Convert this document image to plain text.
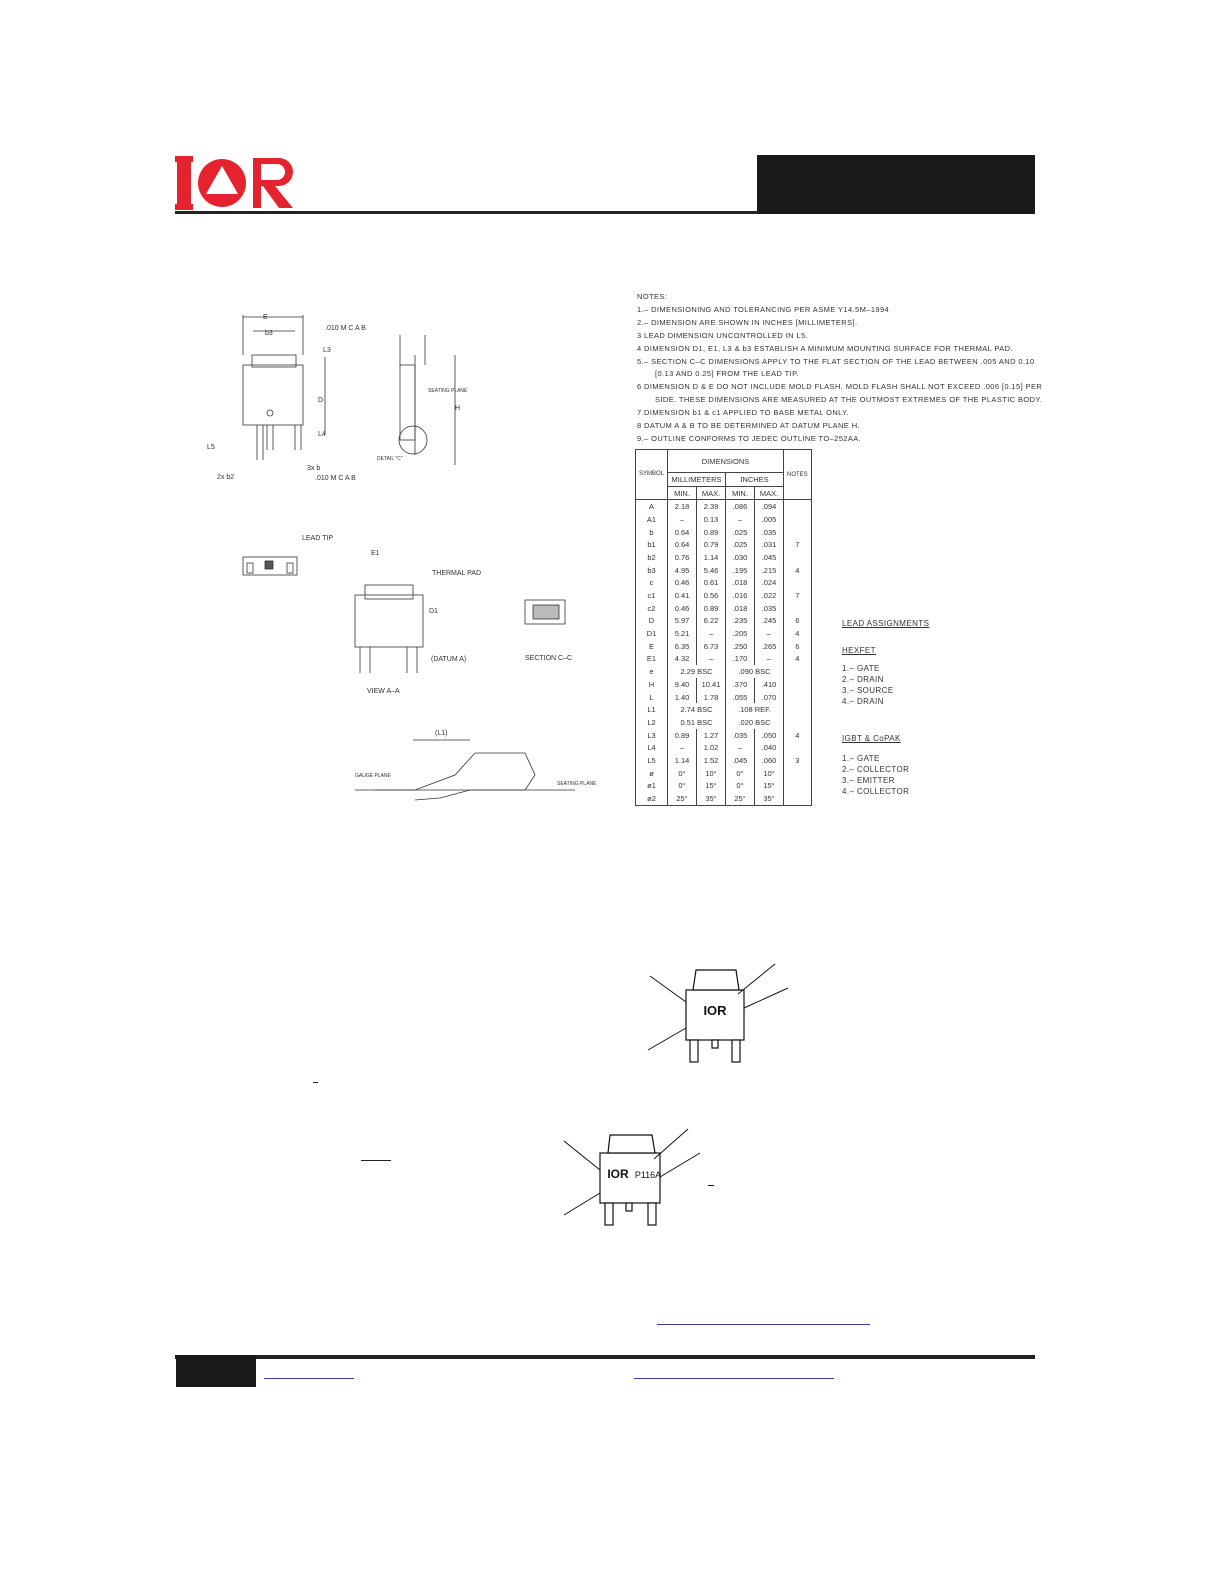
E
b3
L3
D
L4
L5
3x b
2x b2
H
.010 M C A B
.010 M C A B
SEATING PLANE
DETAIL "C"
LEAD TIP
THERMAL PAD
(DATUM A)
VIEW A–A
SECTION C–C
(L1)
GAUGE PLANE
SEATING PLANE
E1
D1
NOTES:
1.– DIMENSIONING AND TOLERANCING PER ASME Y14.5M–1994
2.– DIMENSION ARE SHOWN IN INCHES [MILLIMETERS].
3 LEAD DIMENSION UNCONTROLLED IN L5.
4 DIMENSION D1, E1, L3 & b3 ESTABLISH A MINIMUM MOUNTING SURFACE FOR THERMAL PAD.
5.– SECTION C–C DIMENSIONS APPLY TO THE FLAT SECTION OF THE LEAD BETWEEN .005 AND 0.10
[0.13 AND 0.25] FROM THE LEAD TIP.
6 DIMENSION D & E DO NOT INCLUDE MOLD FLASH. MOLD FLASH SHALL NOT EXCEED .006 [0.15] PER
SIDE. THESE DIMENSIONS ARE MEASURED AT THE OUTMOST EXTREMES OF THE PLASTIC BODY.
7 DIMENSION b1 & c1 APPLIED TO BASE METAL ONLY.
8 DATUM A & B TO BE DETERMINED AT DATUM PLANE H.
9.– OUTLINE CONFORMS TO JEDEC OUTLINE TO–252AA.
SYMBOL	DIMENSIONS				NOTES
	MILLIMETERS		INCHES		
	MIN.	MAX.	MIN.	MAX.	
A	2.18	2.39	.086	.094	
A1	–	0.13	–	.005	
b	0.64	0.89	.025	.035	
b1	0.64	0.79	.025	.031	7
b2	0.76	1.14	.030	.045	
b3	4.95	5.46	.195	.215	4
c	0.46	0.61	.018	.024	
c1	0.41	0.56	.016	.022	7
c2	0.46	0.89	.018	.035	
D	5.97	6.22	.235	.245	6
D1	5.21	–	.205	–	4
E	6.35	6.73	.250	.265	6
E1	4.32	–	.170	–	4
e	2.29 BSC		.090 BSC		
H	9.40	10.41	.370	.410	
L	1.40	1.78	.055	.070	
L1	2.74 BSC		.108 REF.		
L2	0.51 BSC		.020 BSC		
L3	0.89	1.27	.035	.050	4
L4	–	1.02	–	.040	
L5	1.14	1.52	.045	.060	3
ø	0°	10°	0°	10°	
ø1	0°	15°	0°	15°	
ø2	25°	35°	25°	35°	
LEAD ASSIGNMENTS
HEXFET
1.– GATE
2.– DRAIN
3.– SOURCE
4.– DRAIN
IGBT & CoPAK
1.– GATE
2.– COLLECTOR
3.– EMITTER
4.– COLLECTOR
IOR
IOR P116A
